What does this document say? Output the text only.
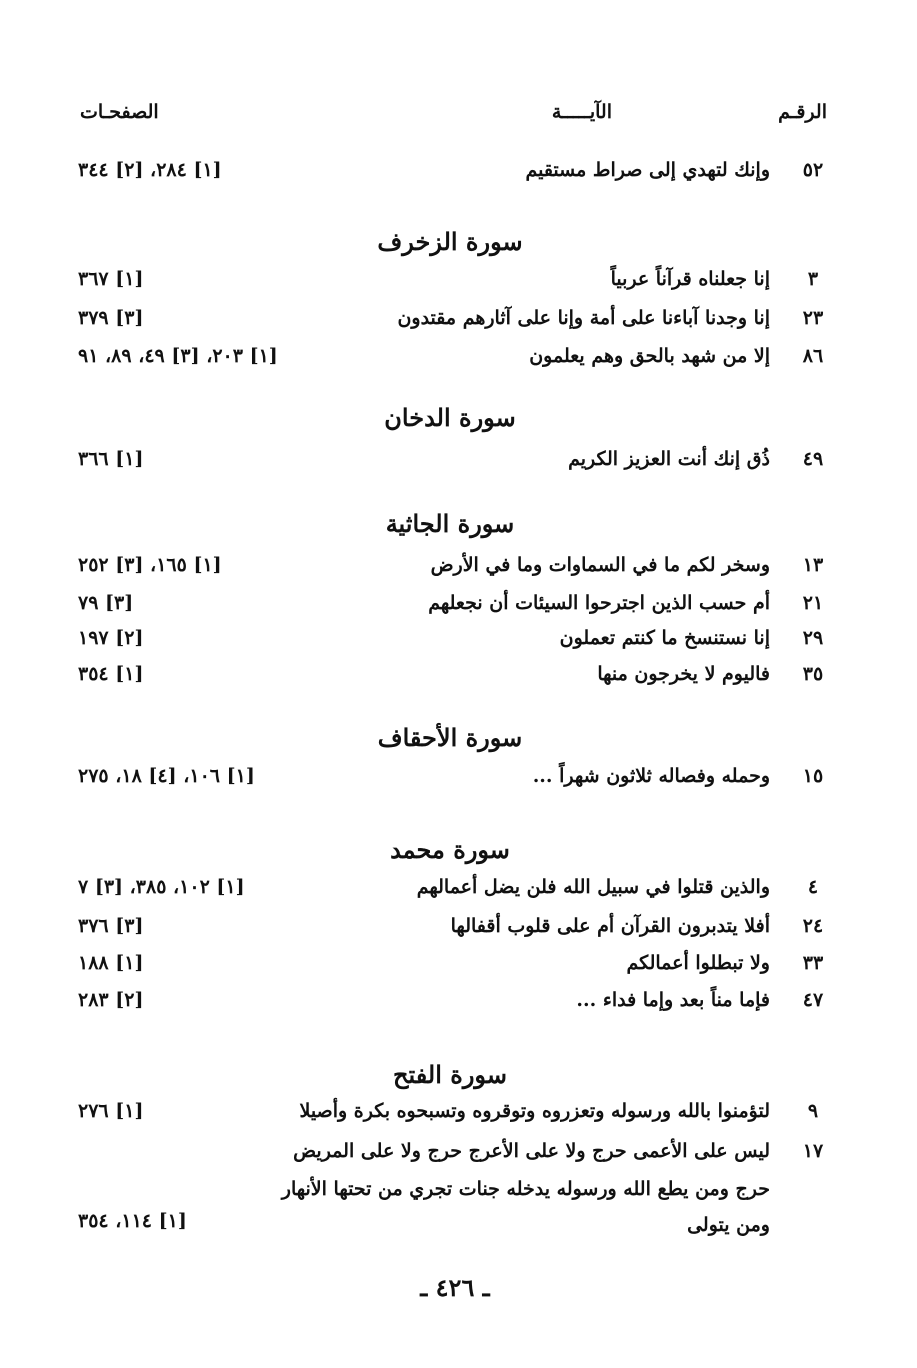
الرقـم
الآيـــــة
الصفحـات
٥٢
وإنك لتهدي إلى صراط مستقيم
[١] ٢٨٤، [٢] ٣٤٤
سورة الزخرف
٣
إنا جعلناه قرآناً عربياً
[١] ٣٦٧
٢٣
إنا وجدنا آباءنا على أمة وإنا على آثارهم مقتدون
[٣] ٣٧٩
٨٦
إلا من شهد بالحق وهم يعلمون
[١] ٢٠٣، [٣] ٤٩، ٨٩، ٩١
سورة الدخان
٤٩
ذُق إنك أنت العزيز الكريم
[١] ٣٦٦
سورة الجاثية
١٣
وسخر لكم ما في السماوات وما في الأرض
[١] ١٦٥، [٣] ٢٥٢
٢١
أم حسب الذين اجترحوا السيئات أن نجعلهم
[٣] ٧٩
٢٩
إنا نستنسخ ما كنتم تعملون
[٢] ١٩٧
٣٥
فاليوم لا يخرجون منها
[١] ٣٥٤
سورة الأحقاف
١٥
وحمله وفصاله ثلاثون شهراً ...
[١] ١٠٦، [٤] ١٨، ٢٧٥
سورة محمد
٤
والذين قتلوا في سبيل الله فلن يضل أعمالهم
[١] ١٠٢، ٣٨٥، [٣] ٧
٢٤
أفلا يتدبرون القرآن أم على قلوب أقفالها
[٣] ٣٧٦
٣٣
ولا تبطلوا أعمالكم
[١] ١٨٨
٤٧
فإما مناً بعد وإما فداء ...
[٢] ٢٨٣
سورة الفتح
٩
لتؤمنوا بالله ورسوله وتعزروه وتوقروه وتسبحوه بكرة وأصيلا
[١] ٢٧٦
١٧
ليس على الأعمى حرج ولا على الأعرج حرج ولا على المريض
حرج ومن يطع الله ورسوله يدخله جنات تجري من تحتها الأنهار
ومن يتولى
[١] ١١٤، ٣٥٤
ـ ٤٢٦ ـ
